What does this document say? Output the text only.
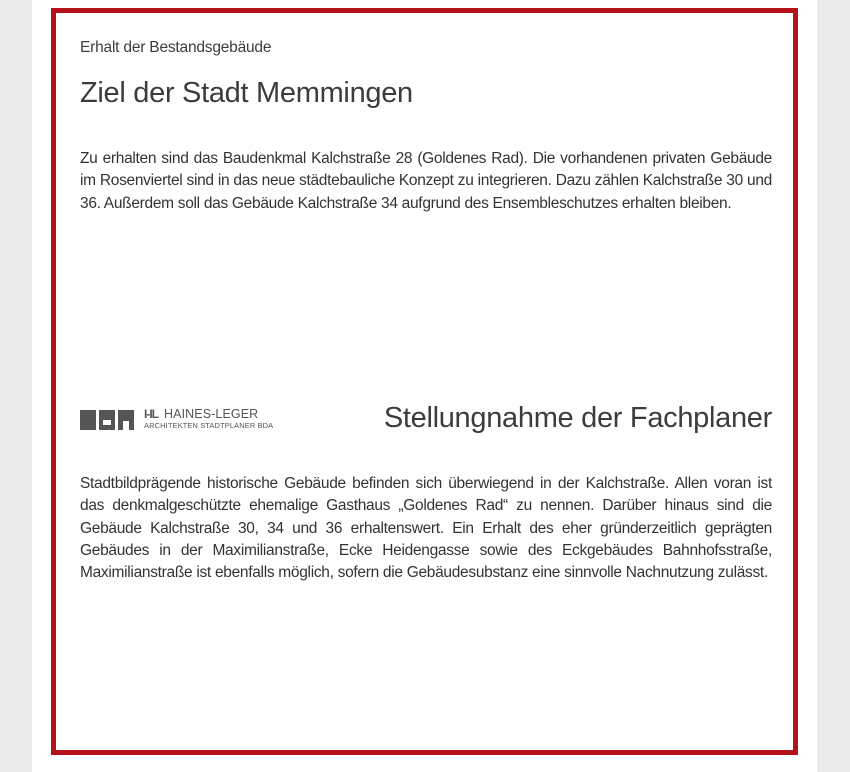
Erhalt der Bestandsgebäude
Ziel der Stadt Memmingen

Zu erhalten sind das Baudenkmal Kalchstraße 28 (Goldenes Rad). Die vorhandenen privaten Gebäude im Rosenviertel sind in das neue städtebauliche Konzept zu integrieren. Dazu zählen Kalchstraße 30 und 36. Außerdem soll das Gebäude Kalchstraße 34 aufgrund des Ensembleschutzes erhalten bleiben.

I-IL HAINES-LEGER
ARCHITEKTEN STADTPLANER BDA	Stellungnahme der Fachplaner

Stadtbildprägende historische Gebäude befinden sich überwiegend in der Kalchstraße. Allen voran ist das denkmalgeschützte ehemalige Gasthaus „Goldenes Rad“ zu nennen. Darüber hinaus sind die Gebäude Kalchstraße 30, 34 und 36 erhaltenswert. Ein Erhalt des eher gründerzeitlich geprägten Gebäudes in der Maximilianstraße, Ecke Heidengasse sowie des Eckgebäudes Bahnhofsstraße, Maximilianstraße ist ebenfalls möglich, sofern die Gebäudesubstanz eine sinnvolle Nachnutzung zulässt.
